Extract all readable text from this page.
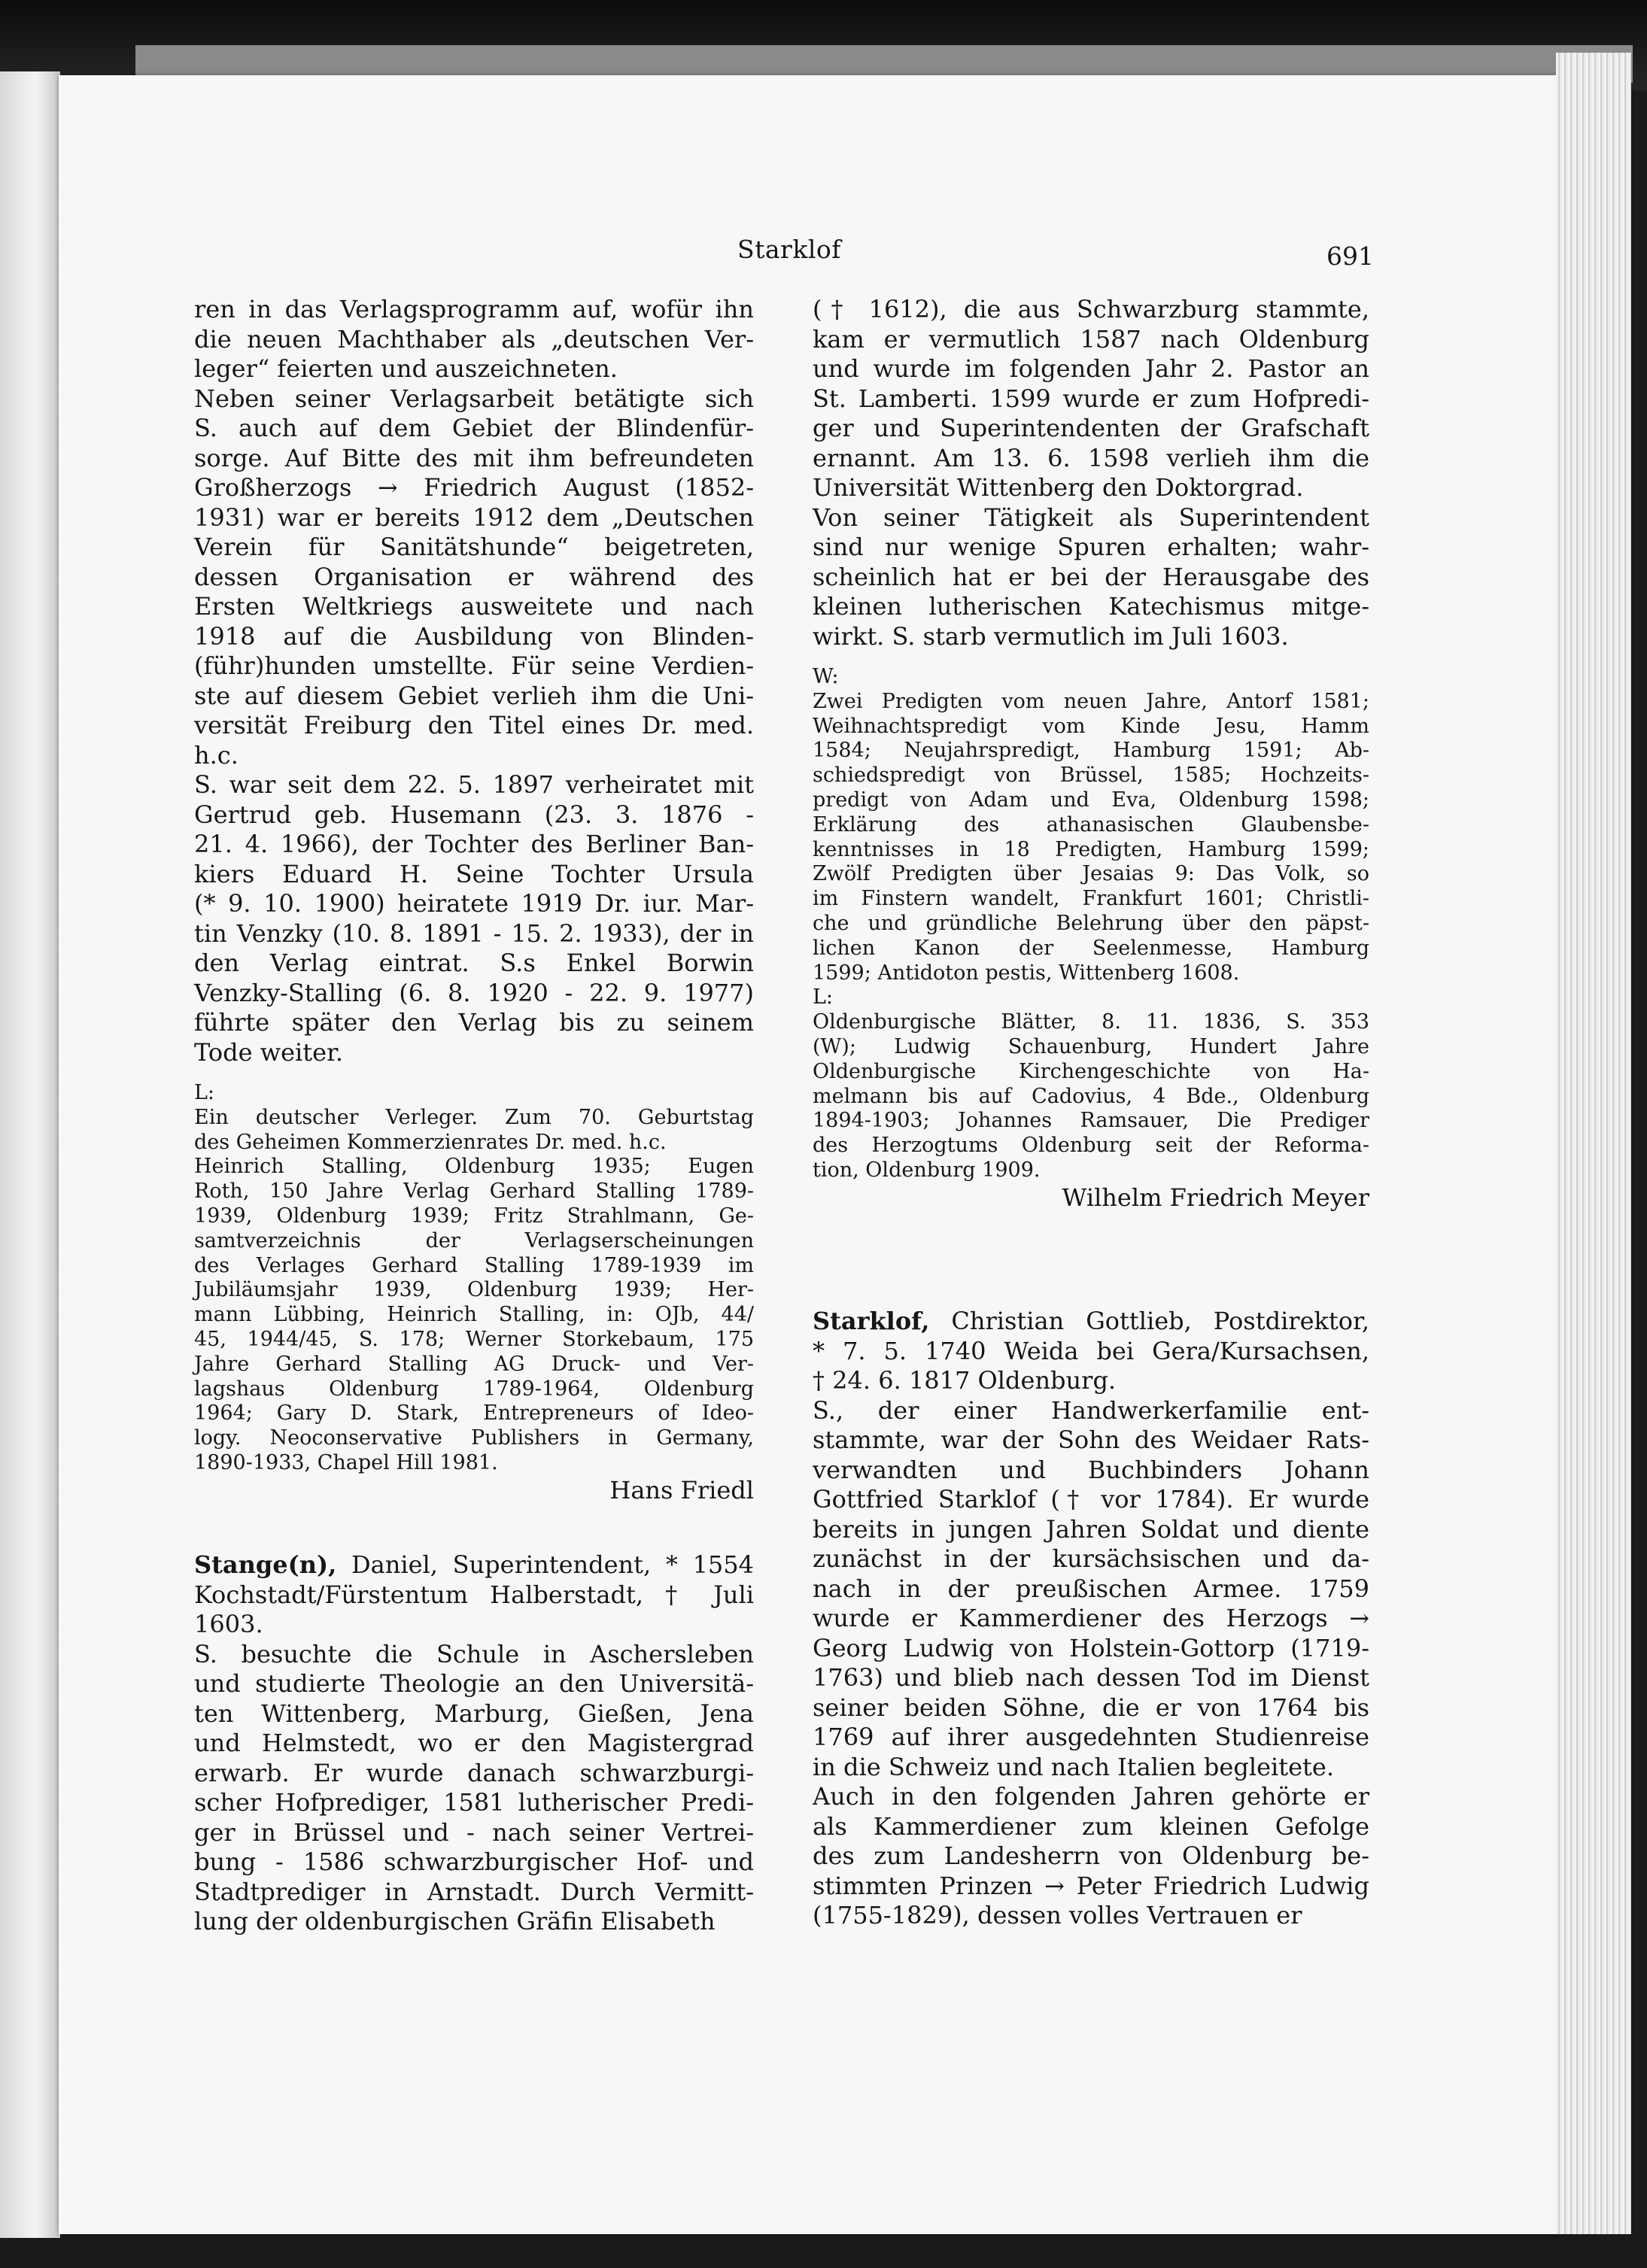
Starklof	691
ren in das Verlagsprogramm auf, wofür ihn
die neuen Machthaber als „deutschen Ver-
leger“ feierten und auszeichneten.
Neben seiner Verlagsarbeit betätigte sich
S. auch auf dem Gebiet der Blindenfür-
sorge. Auf Bitte des mit ihm befreundeten
Großherzogs → Friedrich August (1852-
1931) war er bereits 1912 dem „Deutschen
Verein für Sanitätshunde“ beigetreten,
dessen Organisation er während des
Ersten Weltkriegs ausweitete und nach
1918 auf die Ausbildung von Blinden-
(führ)hunden umstellte. Für seine Verdien-
ste auf diesem Gebiet verlieh ihm die Uni-
versität Freiburg den Titel eines Dr. med.
h.c.
S. war seit dem 22. 5. 1897 verheiratet mit
Gertrud geb. Husemann (23. 3. 1876 -
21. 4. 1966), der Tochter des Berliner Ban-
kiers Eduard H. Seine Tochter Ursula
(* 9. 10. 1900) heiratete 1919 Dr. iur. Mar-
tin Venzky (10. 8. 1891 - 15. 2. 1933), der in
den Verlag eintrat. S.s Enkel Borwin
Venzky-Stalling (6. 8. 1920 - 22. 9. 1977)
führte später den Verlag bis zu seinem
Tode weiter.
L:
Ein deutscher Verleger. Zum 70. Geburtstag
des Geheimen Kommerzienrates Dr. med. h.c.
Heinrich Stalling, Oldenburg 1935; Eugen
Roth, 150 Jahre Verlag Gerhard Stalling 1789-
1939, Oldenburg 1939; Fritz Strahlmann, Ge-
samtverzeichnis der Verlagserscheinungen
des Verlages Gerhard Stalling 1789-1939 im
Jubiläumsjahr 1939, Oldenburg 1939; Her-
mann Lübbing, Heinrich Stalling, in: OJb, 44/
45, 1944/45, S. 178; Werner Storkebaum, 175
Jahre Gerhard Stalling AG Druck- und Ver-
lagshaus Oldenburg 1789-1964, Oldenburg
1964; Gary D. Stark, Entrepreneurs of Ideo-
logy. Neoconservative Publishers in Germany,
1890-1933, Chapel Hill 1981.
Hans Friedl
Stange(n), Daniel, Superintendent, * 1554
Kochstadt/Fürstentum Halberstadt, † Juli
1603.
S. besuchte die Schule in Aschersleben
und studierte Theologie an den Universitä-
ten Wittenberg, Marburg, Gießen, Jena
und Helmstedt, wo er den Magistergrad
erwarb. Er wurde danach schwarzburgi-
scher Hofprediger, 1581 lutherischer Predi-
ger in Brüssel und - nach seiner Vertrei-
bung - 1586 schwarzburgischer Hof- und
Stadtprediger in Arnstadt. Durch Vermitt-
lung der oldenburgischen Gräfin Elisabeth
(† 1612), die aus Schwarzburg stammte,
kam er vermutlich 1587 nach Oldenburg
und wurde im folgenden Jahr 2. Pastor an
St. Lamberti. 1599 wurde er zum Hofpredi-
ger und Superintendenten der Grafschaft
ernannt. Am 13. 6. 1598 verlieh ihm die
Universität Wittenberg den Doktorgrad.
Von seiner Tätigkeit als Superintendent
sind nur wenige Spuren erhalten; wahr-
scheinlich hat er bei der Herausgabe des
kleinen lutherischen Katechismus mitge-
wirkt. S. starb vermutlich im Juli 1603.
W:
Zwei Predigten vom neuen Jahre, Antorf 1581;
Weihnachtspredigt vom Kinde Jesu, Hamm
1584; Neujahrspredigt, Hamburg 1591; Ab-
schiedspredigt von Brüssel, 1585; Hochzeits-
predigt von Adam und Eva, Oldenburg 1598;
Erklärung des athanasischen Glaubensbe-
kenntnisses in 18 Predigten, Hamburg 1599;
Zwölf Predigten über Jesaias 9: Das Volk, so
im Finstern wandelt, Frankfurt 1601; Christli-
che und gründliche Belehrung über den päpst-
lichen Kanon der Seelenmesse, Hamburg
1599; Antidoton pestis, Wittenberg 1608.
L:
Oldenburgische Blätter, 8. 11. 1836, S. 353
(W); Ludwig Schauenburg, Hundert Jahre
Oldenburgische Kirchengeschichte von Ha-
melmann bis auf Cadovius, 4 Bde., Oldenburg
1894-1903; Johannes Ramsauer, Die Prediger
des Herzogtums Oldenburg seit der Reforma-
tion, Oldenburg 1909.
Wilhelm Friedrich Meyer
Starklof, Christian Gottlieb, Postdirektor,
* 7. 5. 1740 Weida bei Gera/Kursachsen,
† 24. 6. 1817 Oldenburg.
S., der einer Handwerkerfamilie ent-
stammte, war der Sohn des Weidaer Rats-
verwandten und Buchbinders Johann
Gottfried Starklof († vor 1784). Er wurde
bereits in jungen Jahren Soldat und diente
zunächst in der kursächsischen und da-
nach in der preußischen Armee. 1759
wurde er Kammerdiener des Herzogs →
Georg Ludwig von Holstein-Gottorp (1719-
1763) und blieb nach dessen Tod im Dienst
seiner beiden Söhne, die er von 1764 bis
1769 auf ihrer ausgedehnten Studienreise
in die Schweiz und nach Italien begleitete.
Auch in den folgenden Jahren gehörte er
als Kammerdiener zum kleinen Gefolge
des zum Landesherrn von Oldenburg be-
stimmten Prinzen → Peter Friedrich Ludwig
(1755-1829), dessen volles Vertrauen er
